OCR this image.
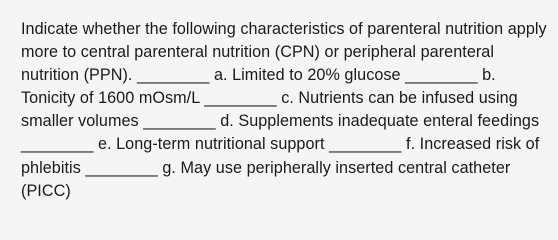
Indicate whether the following characteristics of parenteral nutrition apply more to central parenteral nutrition (CPN) or peripheral parenteral nutrition (PPN). ________ a. Limited to 20% glucose ________ b. Tonicity of 1600 mOsm/L ________ c. Nutrients can be infused using smaller volumes ________ d. Supplements inadequate enteral feedings ________ e. Long-term nutritional support ________ f. Increased risk of phlebitis ________ g. May use peripherally inserted central catheter (PICC)
